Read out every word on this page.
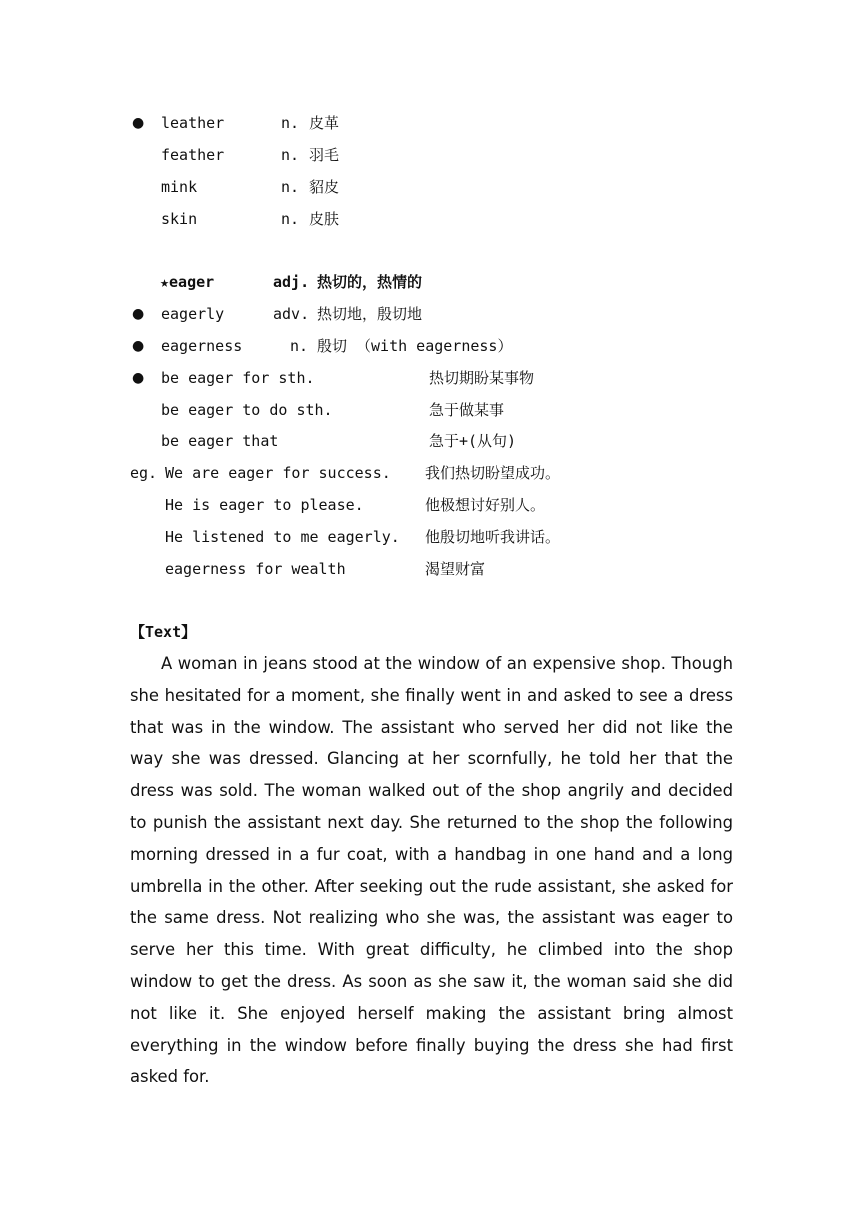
● leather	n. 皮革
feather	n. 羽毛
mink	n. 貂皮
skin	n. 皮肤
★eager	adj. 热切的，热情的
● eagerly	adv. 热切地，殷切地
● eagerness	n. 殷切 （with eagerness）
● be eager for sth.	热切期盼某事物
be eager to do sth.	急于做某事
be eager that	急于+(从句)
eg. We are eager for success. 我们热切盼望成功。
He is eager to please.	他极想讨好别人。
He listened to me eagerly. 他殷切地听我讲话。
eagerness for wealth	渴望财富
【Text】

A woman in jeans stood at the window of an expensive shop. Though she hesitated for a moment, she finally went in and asked to see a dress that was in the window. The assistant who served her did not like the way she was dressed. Glancing at her scornfully, he told her that the dress was sold. The woman walked out of the shop angrily and decided to punish the assistant next day. She returned to the shop the following morning dressed in a fur coat, with a handbag in one hand and a long umbrella in the other. After seeking out the rude assistant, she asked for the same dress. Not realizing who she was, the assistant was eager to serve her this time. With great difficulty, he climbed into the shop window to get the dress. As soon as she saw it, the woman said she did not like it. She enjoyed herself making the assistant bring almost everything in the window before finally buying the dress she had first asked for.
